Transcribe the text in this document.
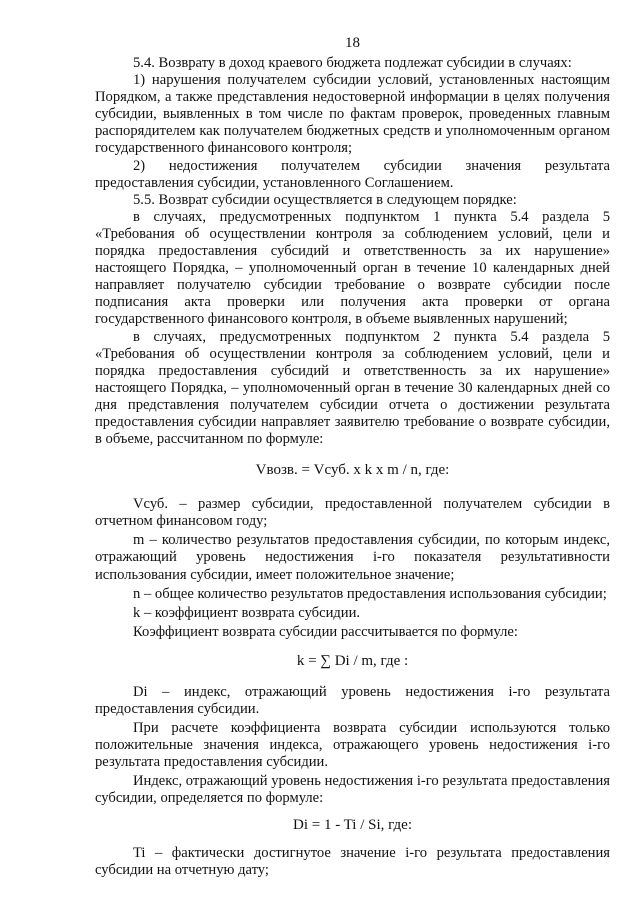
18

5.4. Возврату в доход краевого бюджета подлежат субсидии в случаях:

1) нарушения получателем субсидии условий, установленных настоящим Порядком, а также представления недостоверной информации в целях получения субсидии, выявленных в том числе по фактам проверок, проведенных главным распорядителем как получателем бюджетных средств и уполномоченным органом государственного финансового контроля;

2) недостижения получателем субсидии значения результата предоставления субсидии, установленного Соглашением.

5.5. Возврат субсидии осуществляется в следующем порядке:

в случаях, предусмотренных подпунктом 1 пункта 5.4 раздела 5 «Требования об осуществлении контроля за соблюдением условий, цели и порядка предоставления субсидий и ответственность за их нарушение» настоящего Порядка, – уполномоченный орган в течение 10 календарных дней направляет получателю субсидии требование о возврате субсидии после подписания акта проверки или получения акта проверки от органа государственного финансового контроля, в объеме выявленных нарушений;

в случаях, предусмотренных подпунктом 2 пункта 5.4 раздела 5 «Требования об осуществлении контроля за соблюдением условий, цели и порядка предоставления субсидий и ответственность за их нарушение» настоящего Порядка, – уполномоченный орган в течение 30 календарных дней со дня представления получателем субсидии отчета о достижении результата предоставления субсидии направляет заявителю требование о возврате субсидии, в объеме, рассчитанном по формуле:

Vвозв. = Vсуб. x k x m / n, где:

Vсуб. – размер субсидии, предоставленной получателем субсидии в отчетном финансовом году;

m – количество результатов предоставления субсидии, по которым индекс, отражающий уровень недостижения i-го показателя результативности использования субсидии, имеет положительное значение;

n – общее количество результатов предоставления использования субсидии;

k – коэффициент возврата субсидии.

Коэффициент возврата субсидии рассчитывается по формуле:

k = ∑ Di / m, где :

Di – индекс, отражающий уровень недостижения i-го результата предоставления субсидии.

При расчете коэффициента возврата субсидии используются только положительные значения индекса, отражающего уровень недостижения i-го результата предоставления субсидии.

Индекс, отражающий уровень недостижения i-го результата предоставления субсидии, определяется по формуле:

Di = 1 - Ti / Si, где:

Ti – фактически достигнутое значение i-го результата предоставления субсидии на отчетную дату;
